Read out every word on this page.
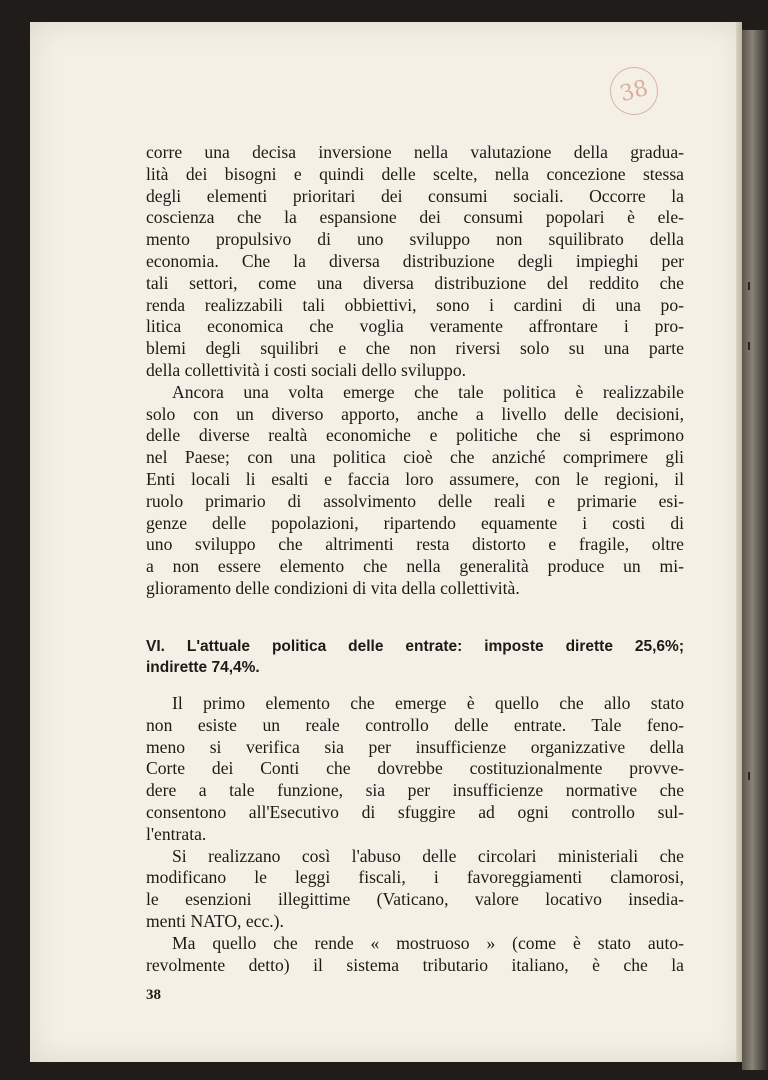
38
corre una decisa inversione nella valutazione della gradua-
lità dei bisogni e quindi delle scelte, nella concezione stessa
degli elementi prioritari dei consumi sociali. Occorre la
coscienza che la espansione dei consumi popolari è ele-
mento propulsivo di uno sviluppo non squilibrato della
economia. Che la diversa distribuzione degli impieghi per
tali settori, come una diversa distribuzione del reddito che
renda realizzabili tali obbiettivi, sono i cardini di una po-
litica economica che voglia veramente affrontare i pro-
blemi degli squilibri e che non riversi solo su una parte
della collettività i costi sociali dello sviluppo.
Ancora una volta emerge che tale politica è realizzabile
solo con un diverso apporto, anche a livello delle decisioni,
delle diverse realtà economiche e politiche che si esprimono
nel Paese; con una politica cioè che anziché comprimere gli
Enti locali li esalti e faccia loro assumere, con le regioni, il
ruolo primario di assolvimento delle reali e primarie esi-
genze delle popolazioni, ripartendo equamente i costi di
uno sviluppo che altrimenti resta distorto e fragile, oltre
a non essere elemento che nella generalità produce un mi-
glioramento delle condizioni di vita della collettività.
VI. L'attuale politica delle entrate: imposte dirette 25,6%;
indirette 74,4%.
Il primo elemento che emerge è quello che allo stato
non esiste un reale controllo delle entrate. Tale feno-
meno si verifica sia per insufficienze organizzative della
Corte dei Conti che dovrebbe costituzionalmente provve-
dere a tale funzione, sia per insufficienze normative che
consentono all'Esecutivo di sfuggire ad ogni controllo sul-
l'entrata.
Si realizzano così l'abuso delle circolari ministeriali che
modificano le leggi fiscali, i favoreggiamenti clamorosi,
le esenzioni illegittime (Vaticano, valore locativo insedia-
menti NATO, ecc.).
Ma quello che rende « mostruoso » (come è stato auto-
revolmente detto) il sistema tributario italiano, è che la
38
